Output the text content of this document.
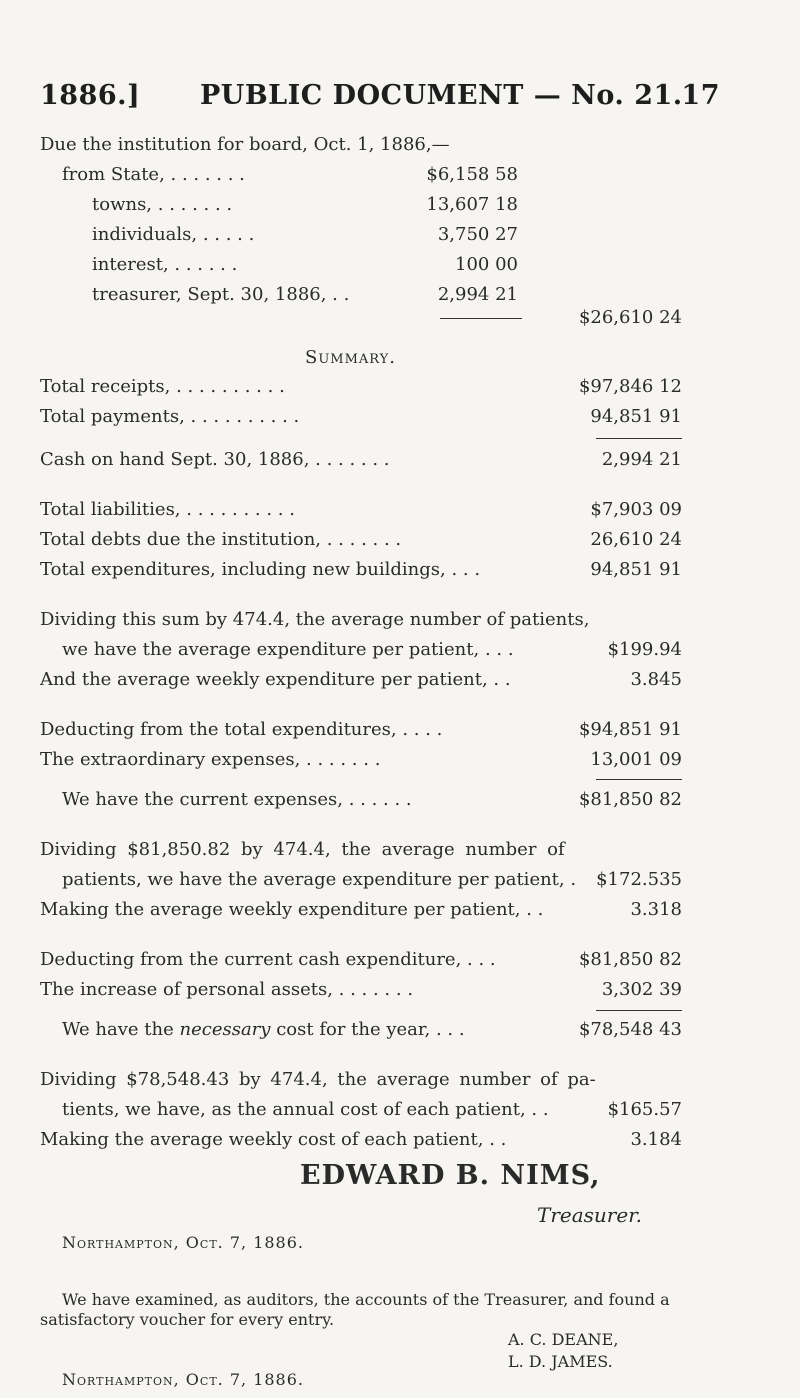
1886.] PUBLIC DOCUMENT — No. 21.
17
Due the institution for board, Oct. 1, 1886,—
from State, . . . . . . .	$6,158 58
towns, . . . . . . .	13,607 18
individuals, . . . . .	3,750 27
interest, . . . . . .	100 00
treasurer, Sept. 30, 1886, . .	2,994 21
$26,610 24
Summary.
Total receipts, . . . . . . . . . .	$97,846 12
Total payments, . . . . . . . . . .	94,851 91
Cash on hand Sept. 30, 1886, . . . . . . .	2,994 21
Total liabilities, . . . . . . . . . .	$7,903 09
Total debts due the institution, . . . . . . .	26,610 24
Total expenditures, including new buildings, . . .	94,851 91
Dividing this sum by 474.4, the average number of patients,
we have the average expenditure per patient, . . .	$199.94
And the average weekly expenditure per patient, . .	3.845
Deducting from the total expenditures, . . . .	$94,851 91
The extraordinary expenses, . . . . . . .	13,001 09
We have the current expenses, . . . . . .	$81,850 82
Dividing $81,850.82 by 474.4, the average number of
patients, we have the average expenditure per patient, . $172.535
Making the average weekly expenditure per patient, . .	3.318
Deducting from the current cash expenditure, . . .	$81,850 82
The increase of personal assets, . . . . . . .	3,302 39
We have the necessary cost for the year, . . .	$78,548 43
Dividing $78,548.43 by 474.4, the average number of pa-
tients, we have, as the annual cost of each patient, . .	$165.57
Making the average weekly cost of each patient, . .	3.184
EDWARD B. NIMS,
Treasurer.
Northampton, Oct. 7, 1886.
We have examined, as auditors, the accounts of the Treasurer, and found a
satisfactory voucher for every entry.
A. C. DEANE,
L. D. JAMES.
Northampton, Oct. 7, 1886.
